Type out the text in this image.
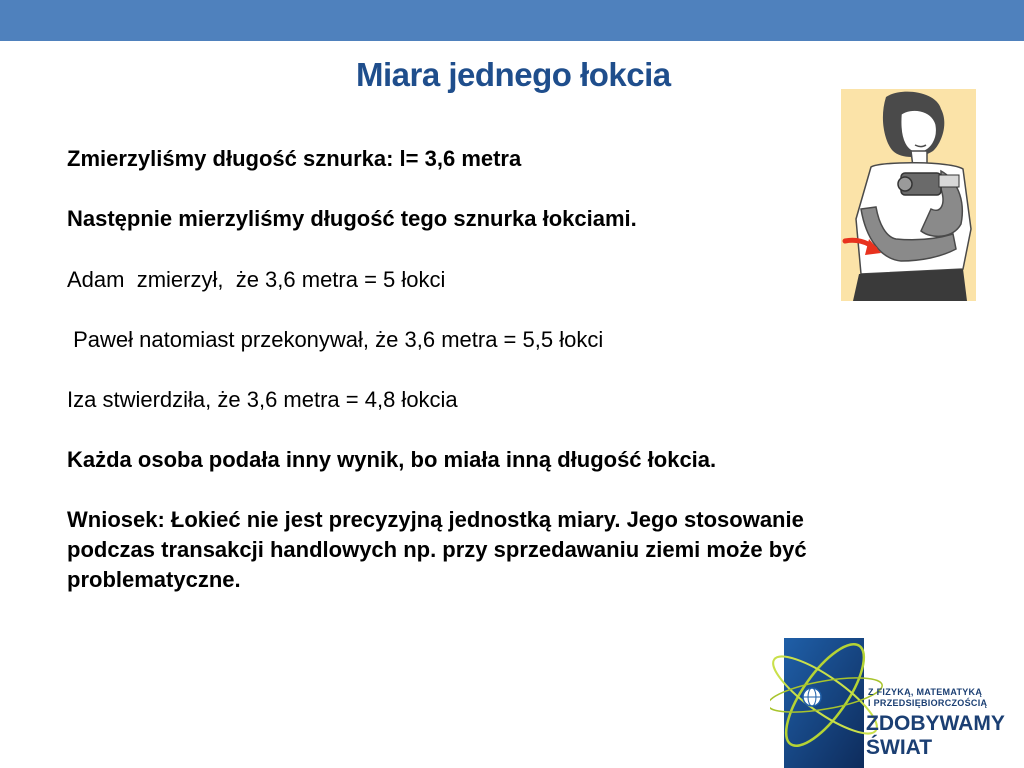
Miara jednego łokcia

Zmierzyliśmy długość sznurka: l= 3,6 metra

Następnie mierzyliśmy długość tego sznurka łokciami.

Adam  zmierzył,  że 3,6 metra = 5 łokci

Paweł natomiast przekonywał, że 3,6 metra = 5,5 łokci

Iza stwierdziła, że 3,6 metra = 4,8 łokcia

Każda osoba podała inny wynik, bo miała inną długość łokcia.

Wniosek: Łokieć nie jest precyzyjną jednostką miary. Jego stosowanie   podczas transakcji handlowych np. przy sprzedawaniu ziemi może być problematyczne.

Z FIZYKĄ, MATEMATYKĄ
I PRZEDSIĘBIORCZOŚCIĄ
ZDOBYWAMY
ŚWIAT
